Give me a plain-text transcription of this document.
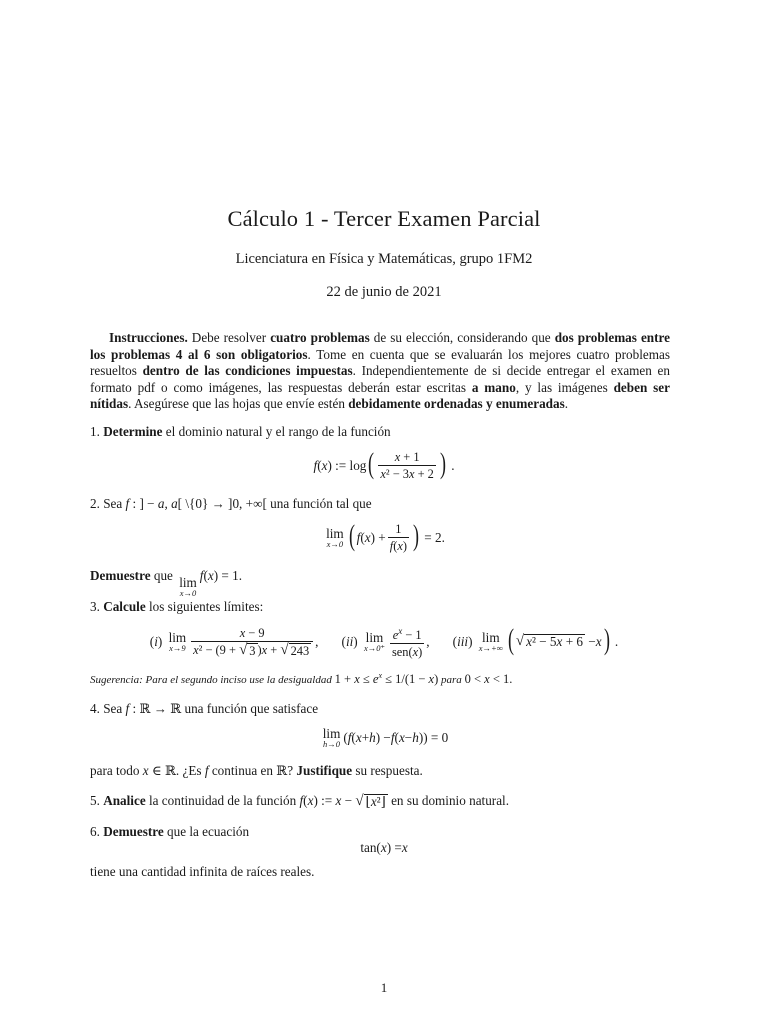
Cálculo 1 - Tercer Examen Parcial
Licenciatura en Física y Matemáticas, grupo 1FM2
22 de junio de 2021
Instrucciones. Debe resolver cuatro problemas de su elección, considerando que dos problemas entre los problemas 4 al 6 son obligatorios. Tome en cuenta que se evaluarán los mejores cuatro problemas resueltos dentro de las condiciones impuestas. Independientemente de si decide entregar el examen en formato pdf o como imágenes, las respuestas deberán estar escritas a mano, y las imágenes deben ser nítidas. Asegúrese que las hojas que envíe estén debidamente ordenadas y enumeradas.
1. Determine el dominio natural y el rango de la función
f ( x ) := log ( $\frac{x + 1}{\text{x² − 3x + 2}}$ ) .
2. Sea f : ] − a, a[ \{0} → ]0, +∞[ una función tal que
lim
x→0 ( f ( x ) + $\frac{1}{f(x)}$ ) = 2.
Demuestre que lim
x→0
f(x) = 1.
3. Calcule los siguientes límites:
( i ) lim
$x\to 9 \frac{x - 9}{\text{x² − (9 + √ 3 )x + √ 243}}$ ,       ( ii ) lim
$x\to 0^+ \frac{e^x - 1}{\text{sen(x)}}$ ,       ( iii ) lim
x→+∞ ( √ x² − 5x + 6 − x ) .
Sugerencia: Para el segundo inciso use la desigualdad $1 + x \le e^x \le 1/(1 - x)$ para 0 < x < 1.
4. Sea f : ℝ → ℝ una función que satisface
lim
h→0 ( f ( x + h ) − f ( x − h )) = 0
para todo x ∈ ℝ. ¿Es f continua en ℝ? Justifique su respuesta.
5. Analice la continuidad de la función f(x) := x − √ ⌊x²⌋ en su dominio natural.
6. Demuestre que la ecuación
tan( x ) = x
tiene una cantidad infinita de raíces reales.
1
